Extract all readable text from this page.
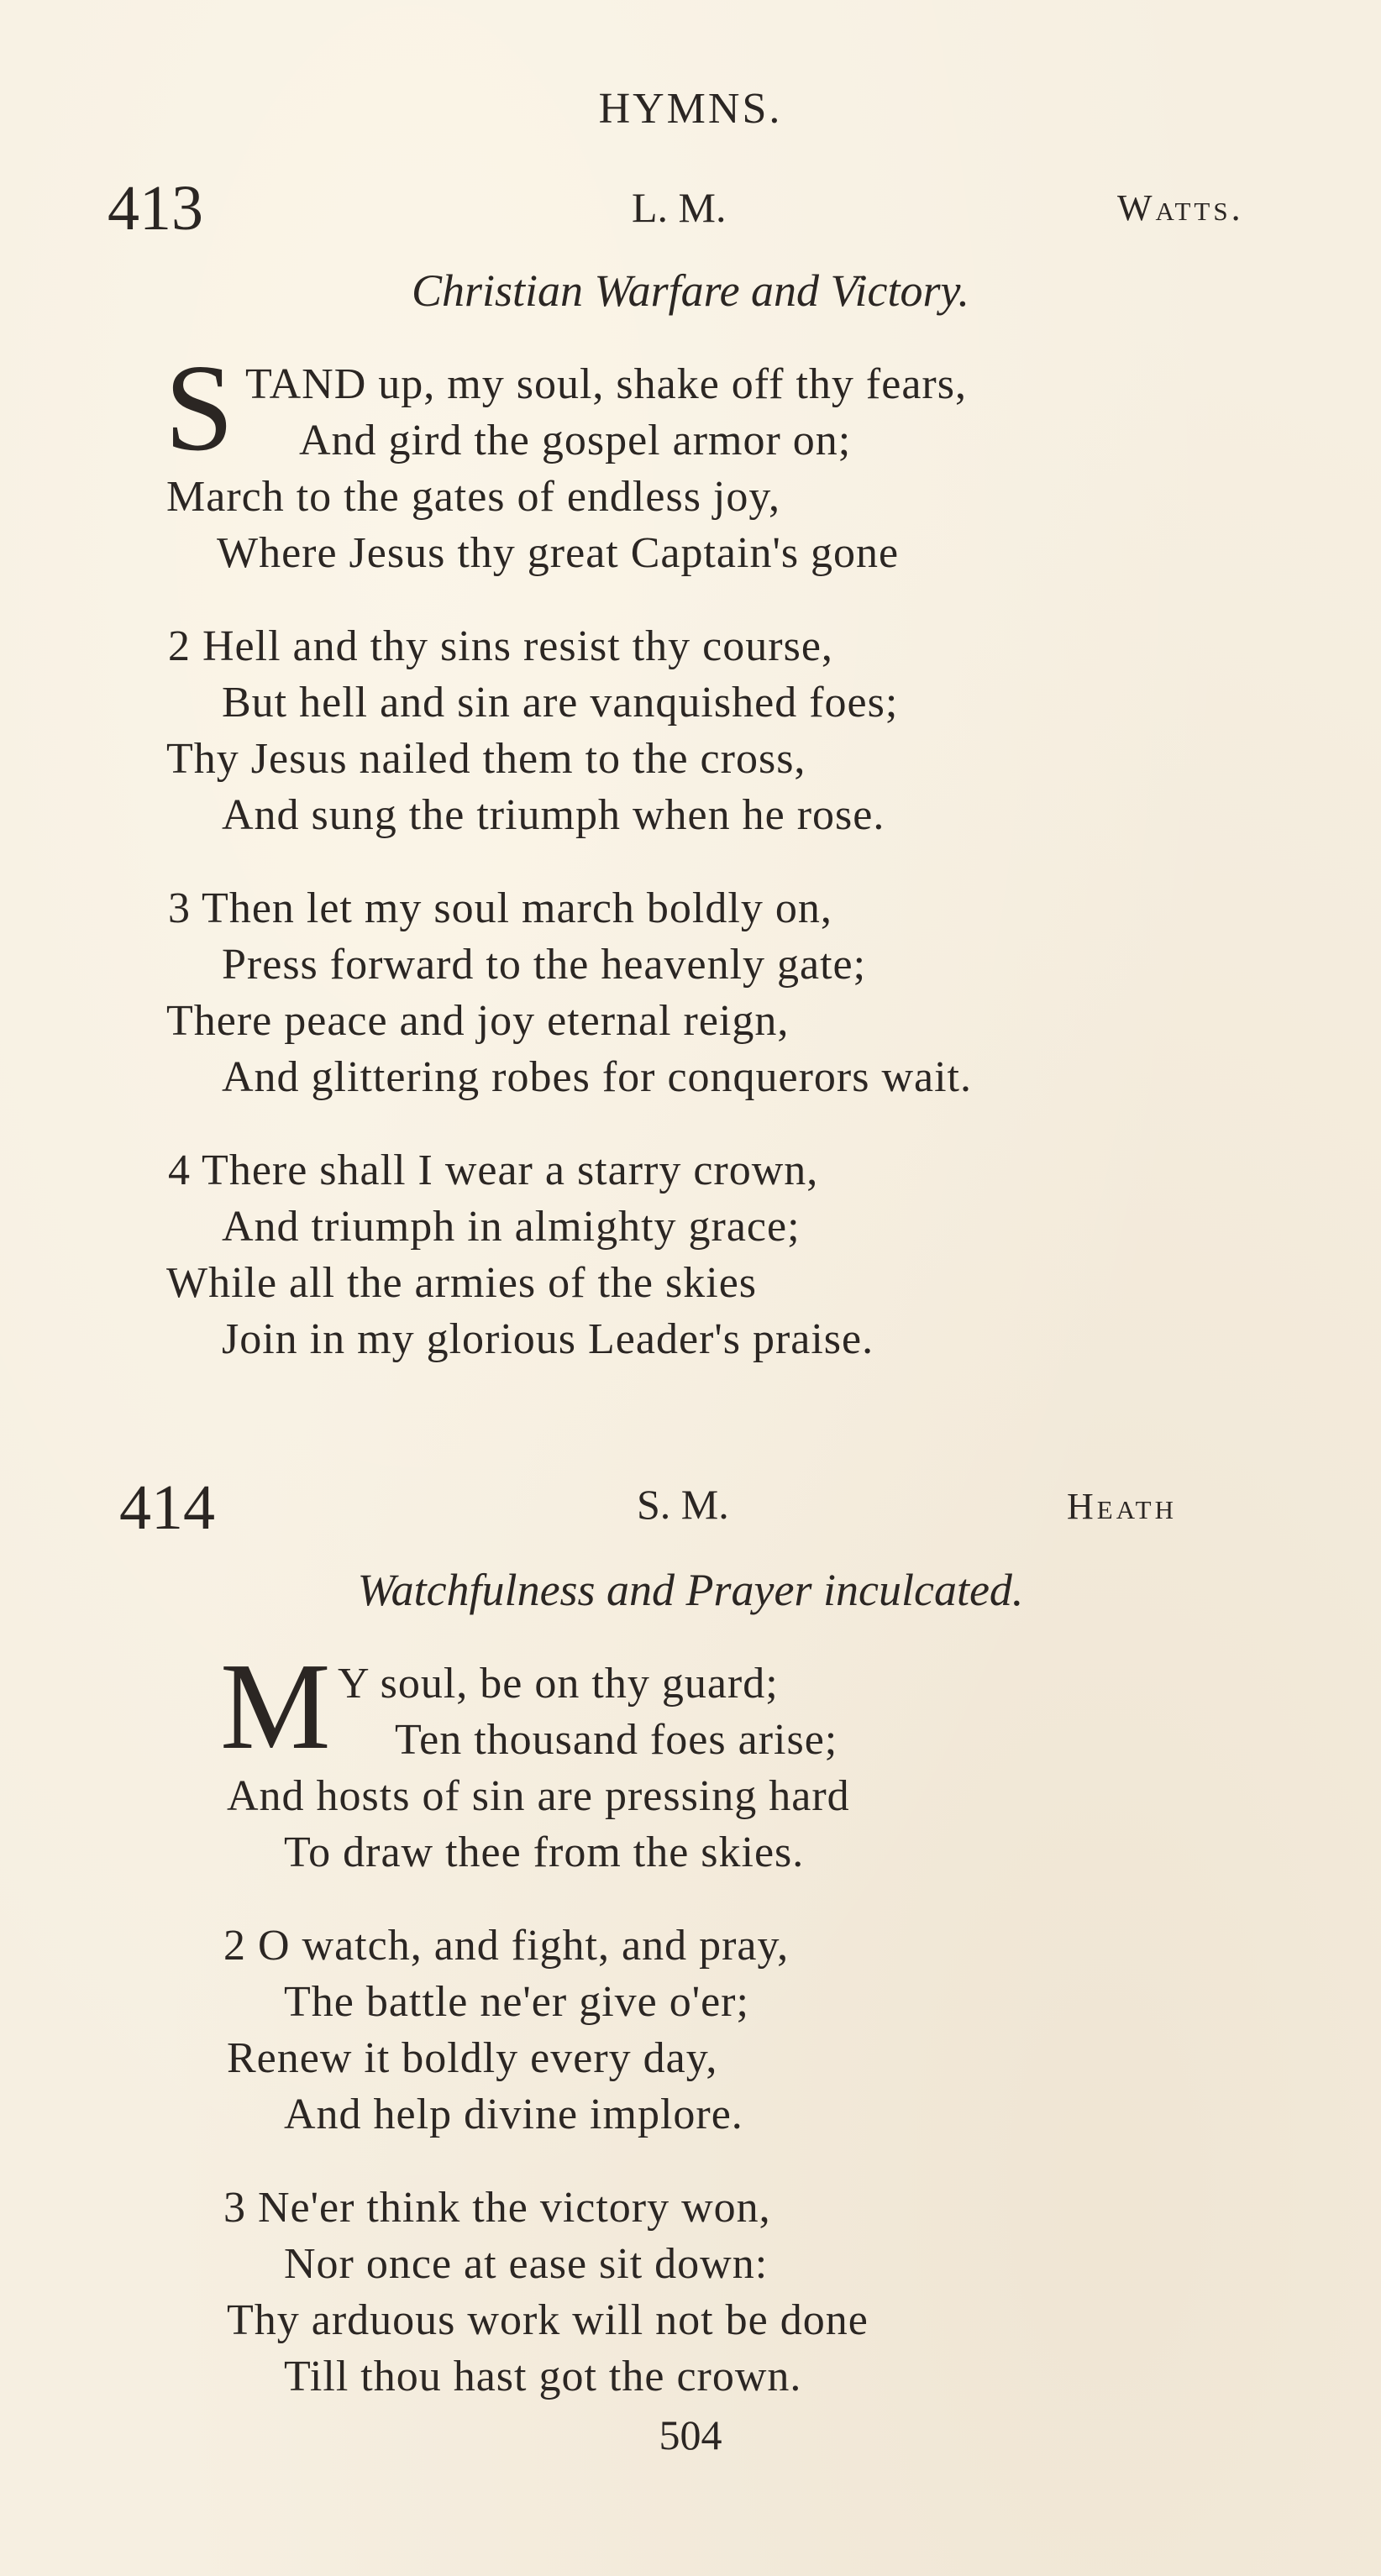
HYMNS.
413	L. M.	Watts.
Christian Warfare and Victory.
S TAND up, my soul, shake off thy fears,
And gird the gospel armor on;
March to the gates of endless joy,
Where Jesus thy great Captain's gone
2 Hell and thy sins resist thy course,
But hell and sin are vanquished foes;
Thy Jesus nailed them to the cross,
And sung the triumph when he rose.
3 Then let my soul march boldly on,
Press forward to the heavenly gate;
There peace and joy eternal reign,
And glittering robes for conquerors wait.
4 There shall I wear a starry crown,
And triumph in almighty grace;
While all the armies of the skies
Join in my glorious Leader's praise.
414	S. M.	Heath
Watchfulness and Prayer inculcated.
M Y soul, be on thy guard;
Ten thousand foes arise;
And hosts of sin are pressing hard
To draw thee from the skies.
2 O watch, and fight, and pray,
The battle ne'er give o'er;
Renew it boldly every day,
And help divine implore.
3 Ne'er think the victory won,
Nor once at ease sit down:
Thy arduous work will not be done
Till thou hast got the crown.
504
